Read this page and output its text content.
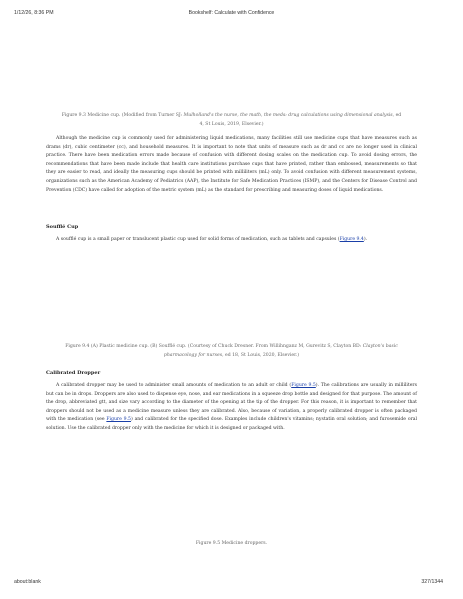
1/12/26, 8:36 PM	Bookshelf: Calculate with Confidence
Figure 9.3 Medicine cup. (Modified from Turner SJ: Mulholland's the nurse, the math, the meds: drug calculations using dimensional analysis, ed 4, St Louis, 2019, Elsevier.)
Although the medicine cup is commonly used for administering liquid medications, many facilities still use medicine cups that have measures such as drams (dr), cubic centimeter (cc), and household measures. It is important to note that units of measure such as dr and cc are no longer used in clinical practice. There have been medication errors made because of confusion with different dosing scales on the medication cup. To avoid dosing errors, the recommendations that have been made include that health care institutions purchase cups that have printed, rather than embossed, measurements so that they are easier to read, and ideally the measuring cups should be printed with milliliters (mL) only. To avoid confusion with different measurement systems, organizations such as the American Academy of Pediatrics (AAP), the Institute for Safe Medication Practices (ISMP), and the Centers for Disease Control and Prevention (CDC) have called for adoption of the metric system (mL) as the standard for prescribing and measuring doses of liquid medications.
Soufflé Cup
A soufflé cup is a small paper or translucent plastic cup used for solid forms of medication, such as tablets and capsules (Figure 9.4).
Figure 9.4 (A) Plastic medicine cup. (B) Soufflé cup. (Courtesy of Chuck Dresner. From Willihnganz M, Gurevitz S, Clayton BD: Clayton's basic pharmacology for nurses, ed 18, St Louis, 2020, Elsevier.)
Calibrated Dropper
A calibrated dropper may be used to administer small amounts of medication to an adult or child (Figure 9.5). The calibrations are usually in milliliters but can be in drops. Droppers are also used to dispense eye, nose, and ear medications in a squeeze drop bottle and designed for that purpose. The amount of the drop, abbreviated gtt, and size vary according to the diameter of the opening at the tip of the dropper. For this reason, it is important to remember that droppers should not be used as a medicine measure unless they are calibrated. Also, because of variation, a properly calibrated dropper is often packaged with the medication (see Figure 9.5) and calibrated for the specified dose. Examples include children's vitamins; nystatin oral solution; and furosemide oral solution. Use the calibrated dropper only with the medicine for which it is designed or packaged with.
Figure 9.5 Medicine droppers.
about:blank	327/1344
